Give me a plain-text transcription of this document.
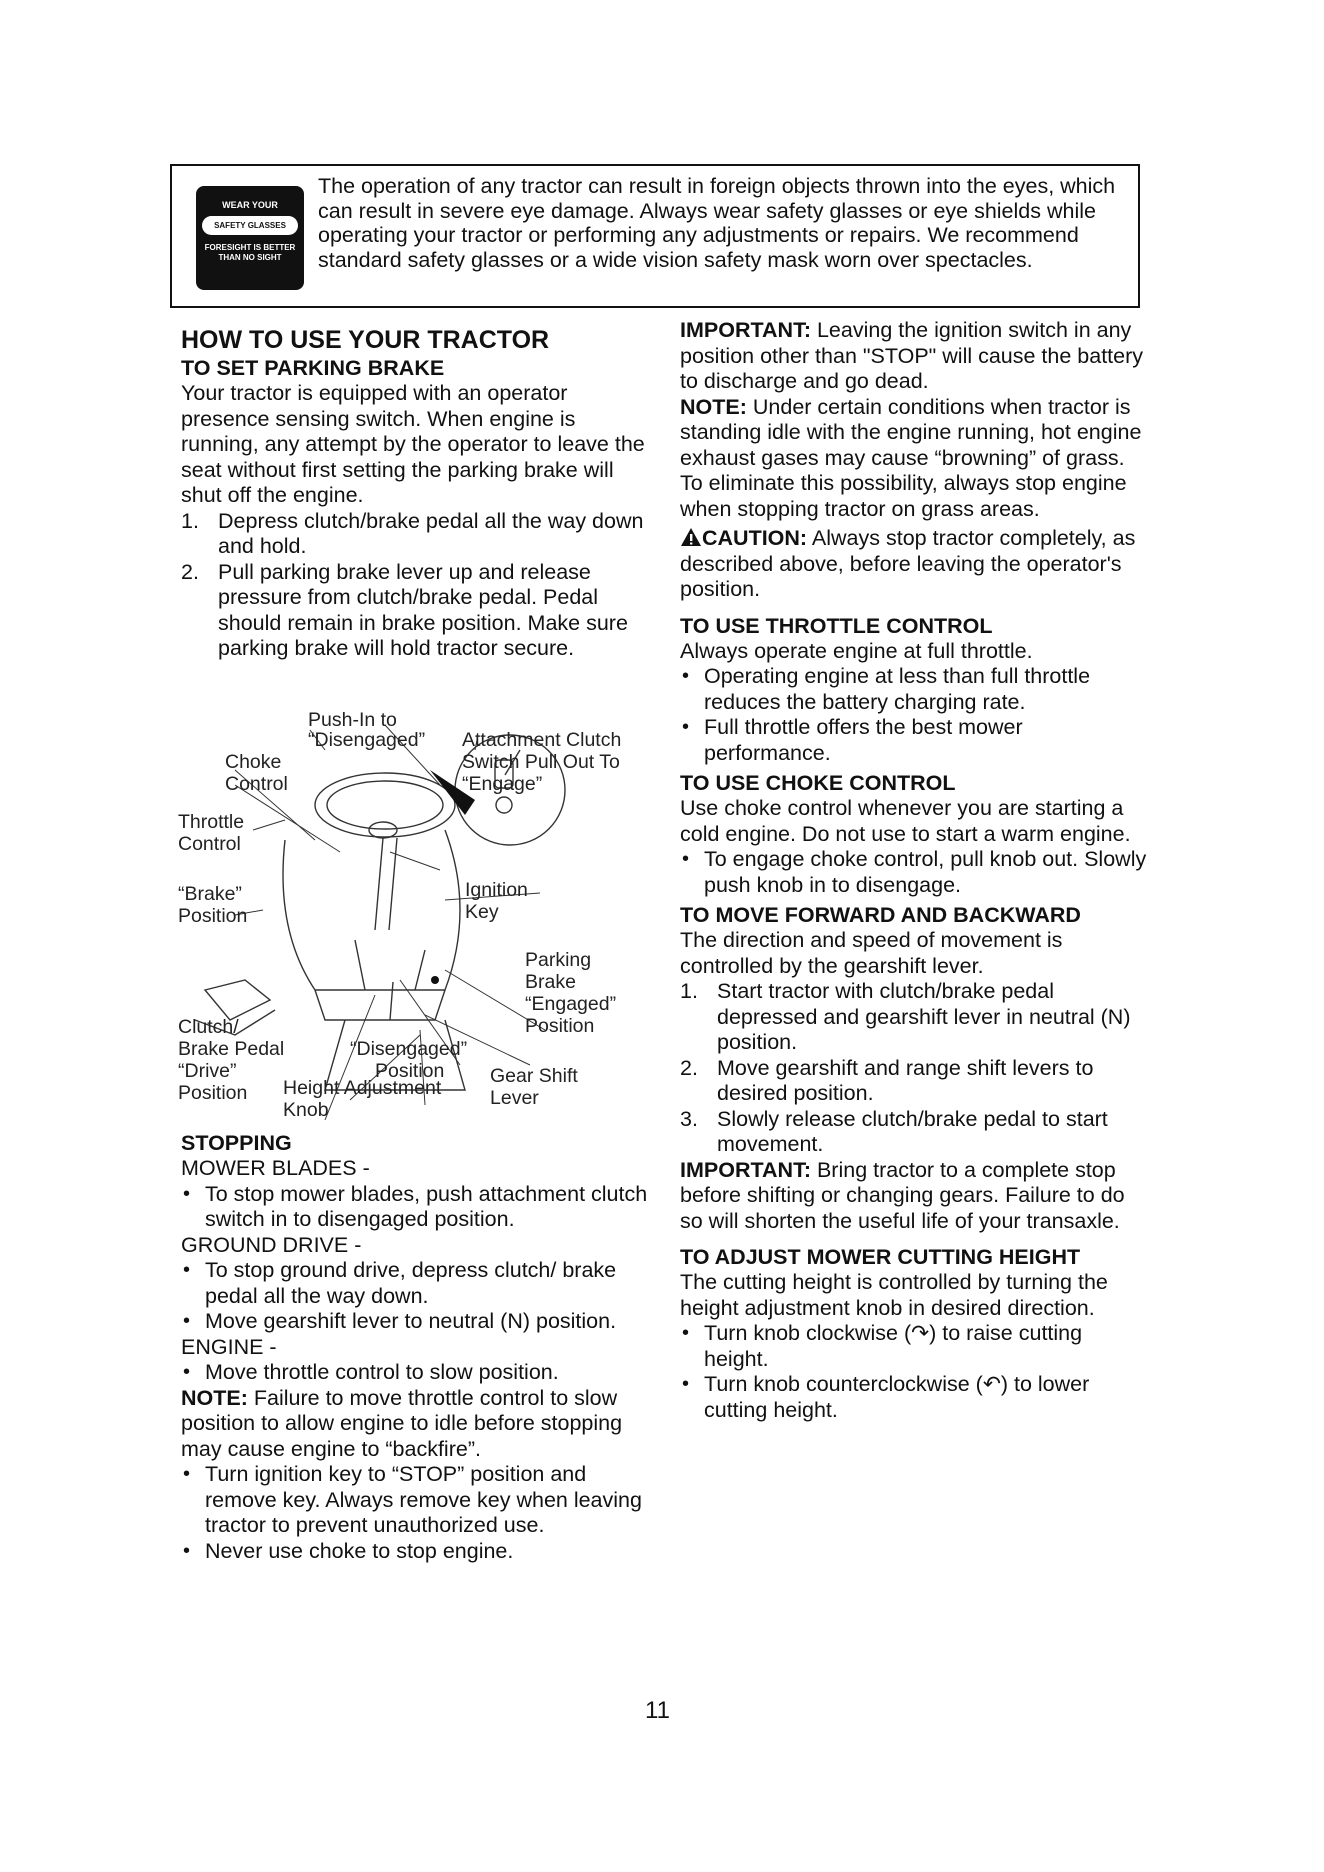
WEAR YOUR
SAFETY GLASSES
FORESIGHT IS BETTER THAN NO SIGHT
The operation of any tractor can result in foreign objects thrown into the eyes, which can result in severe eye damage. Always wear safety glasses or eye shields while operating your tractor or performing any adjustments or repairs. We recommend standard safety glasses or a wide vision safety mask worn over spectacles.

HOW TO USE YOUR TRACTOR

TO SET PARKING BRAKE

Your tractor is equipped with an operator presence sensing switch. When engine is running, any attempt by the operator to leave the seat without first setting the parking brake will shut off the engine.

1. Depress clutch/brake pedal all the way down and hold.
2. Pull parking brake lever up and release pressure from clutch/brake pedal. Pedal should remain in brake position. Make sure parking brake will hold tractor secure.
Push-In to
“Disengaged” Attachment Clutch
Switch Pull Out To
“Engage”
Choke
Control
Throttle
Control
“Brake”
Position
Ignition
Key
Parking
Brake
“Engaged”
Position
Clutch/
Brake Pedal	“Disengaged”
Position
“Drive”
Position Height Adjustment
Knob
Gear Shift
Lever

STOPPING

MOWER BLADES -

• To stop mower blades, push attachment clutch switch in to disengaged position.

GROUND DRIVE -

• To stop ground drive, depress clutch/ brake pedal all the way down.
• Move gearshift lever to neutral (N) position.

ENGINE -

• Move throttle control to slow position.

NOTE: Failure to move throttle control to slow position to allow engine to idle before stopping may cause engine to “backfire”.

• Turn ignition key to “STOP” position and remove key. Always remove key when leaving tractor to prevent unauthorized use.
• Never use choke to stop engine.

IMPORTANT: Leaving the ignition switch in any position other than "STOP" will cause the battery to discharge and go dead.

NOTE: Under certain conditions when tractor is standing idle with the engine running, hot engine exhaust gases may cause “browning” of grass. To eliminate this possibility, always stop engine when stopping tractor on grass areas.

CAUTION: Always stop tractor completely, as described above, before leaving the operator's position.

TO USE THROTTLE CONTROL

Always operate engine at full throttle.

• Operating engine at less than full throttle reduces the battery charging rate.
• Full throttle offers the best mower performance.

TO USE CHOKE CONTROL

Use choke control whenever you are starting a cold engine. Do not use to start a warm engine.

• To engage choke control, pull knob out. Slowly push knob in to disengage.

TO MOVE FORWARD AND BACKWARD

The direction and speed of movement is controlled by the gearshift lever.

1. Start tractor with clutch/brake pedal depressed and gearshift lever in neutral (N) position.
2. Move gearshift and range shift levers to desired position.
3. Slowly release clutch/brake pedal to start movement.

IMPORTANT: Bring tractor to a complete stop before shifting or changing gears. Failure to do so will shorten the useful life of your transaxle.

TO ADJUST MOWER CUTTING HEIGHT

The cutting height is controlled by turning the height adjustment knob in desired direction.

• Turn knob clockwise (↷) to raise cutting height.
• Turn knob counterclockwise (↶) to lower cutting height.
11
